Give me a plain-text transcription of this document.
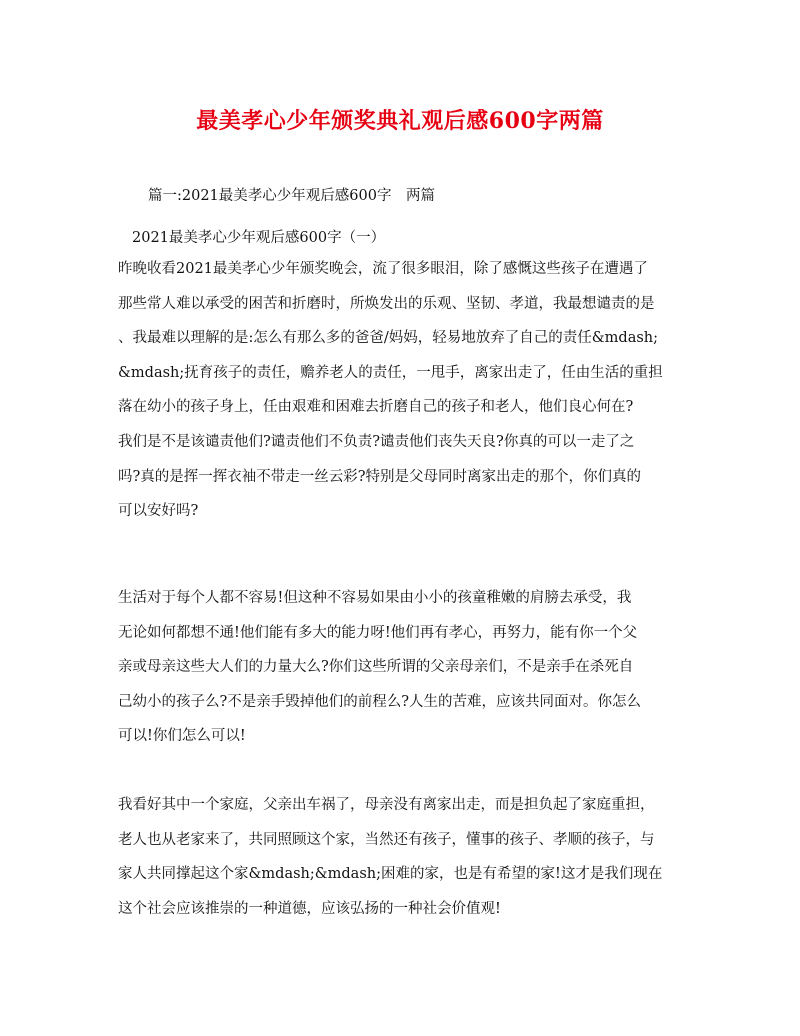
最美孝心少年颁奖典礼观后感600字两篇
篇一:2021最美孝心少年观后感600字　两篇
2021最美孝心少年观后感600字（一）
昨晚收看2021最美孝心少年颁奖晚会，流了很多眼泪，除了感慨这些孩子在遭遇了
那些常人难以承受的困苦和折磨时，所焕发出的乐观、坚韧、孝道，我最想谴责的是
、我最难以理解的是:怎么有那么多的爸爸/妈妈，轻易地放弃了自己的责任&mdash;
&mdash;抚育孩子的责任，赡养老人的责任，一甩手，离家出走了，任由生活的重担
落在幼小的孩子身上，任由艰难和困难去折磨自己的孩子和老人，他们良心何在?
我们是不是该谴责他们?谴责他们不负责?谴责他们丧失天良?你真的可以一走了之
吗?真的是挥一挥衣袖不带走一丝云彩?特别是父母同时离家出走的那个，你们真的
可以安好吗?
生活对于每个人都不容易!但这种不容易如果由小小的孩童稚嫩的肩膀去承受，我
无论如何都想不通!他们能有多大的能力呀!他们再有孝心，再努力，能有你一个父
亲或母亲这些大人们的力量大么?你们这些所谓的父亲母亲们，不是亲手在杀死自
己幼小的孩子么?不是亲手毁掉他们的前程么?人生的苦难，应该共同面对。你怎么
可以!你们怎么可以!
我看好其中一个家庭，父亲出车祸了，母亲没有离家出走，而是担负起了家庭重担，
老人也从老家来了，共同照顾这个家，当然还有孩子，懂事的孩子、孝顺的孩子，与
家人共同撑起这个家&mdash;&mdash;困难的家，也是有希望的家!这才是我们现在
这个社会应该推崇的一种道德，应该弘扬的一种社会价值观!
